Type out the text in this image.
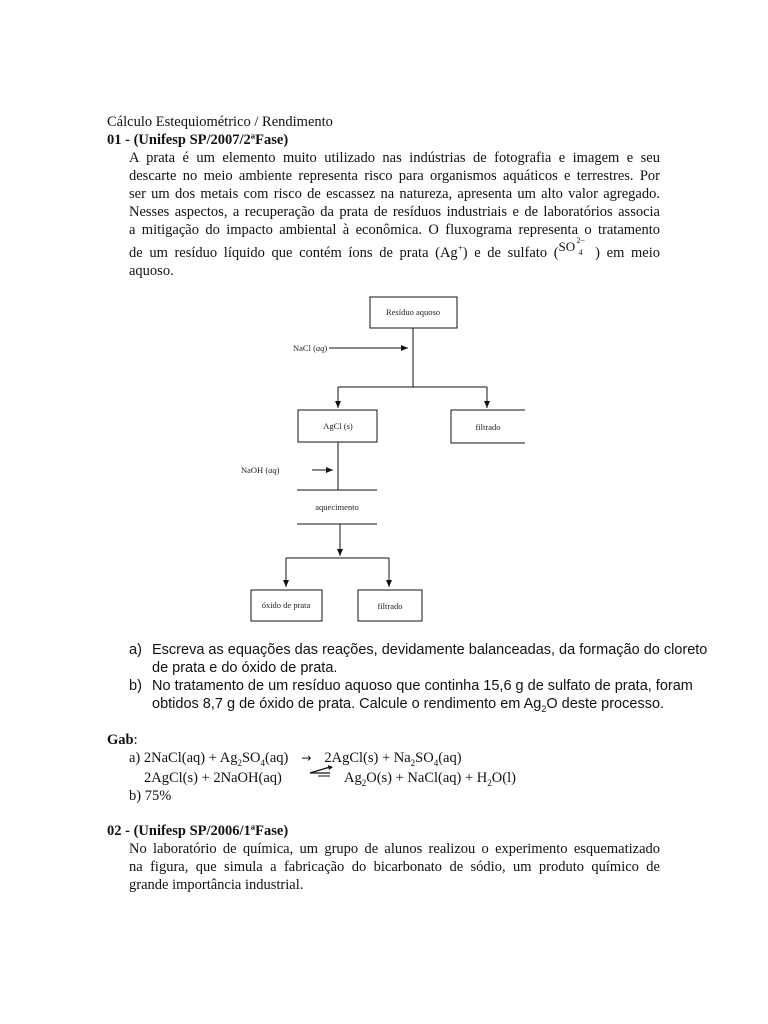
Cálculo Estequiométrico / Rendimento
01 - (Unifesp SP/2007/2ªFase)
A prata é um elemento muito utilizado nas indústrias de fotografia e imagem e seu
descarte no meio ambiente representa risco para organismos aquáticos e terrestres. Por
ser um dos metais com risco de escassez na natureza, apresenta um alto valor agregado.
Nesses aspectos, a recuperação da prata de resíduos industriais e de laboratórios associa
a mitigação do impacto ambiental à econômica. O fluxograma representa o tratamento
de um resíduo líquido que contém íons de prata (Ag+) e de sulfato ( SO 2−
4 ) em meio
aquoso.
Resíduo aquoso
NaCl (aq)
AgCl (s)	filtrado
NaOH (aq)
aquecimento
óxido de prata	filtrado
a) Escreva as equações das reações, devidamente balanceadas, da formação do cloreto
de prata e do óxido de prata.
b) No tratamento de um resíduo aquoso que continha 15,6 g de sulfato de prata, foram
obtidos 8,7 g de óxido de prata. Calcule o rendimento em $Ag_2O$ deste processo.
Gab:
a) 2NaCl(aq) + $Ag_2SO_4(aq)$ → 2AgCl(s) + $Na_2SO_4(aq)$
2AgCl(s) + 2NaOH(aq)	$Ag_2O(s)$ + NaCl(aq) + $H_2O(l)$
b) 75%
02 - (Unifesp SP/2006/1ªFase)
No laboratório de química, um grupo de alunos realizou o experimento esquematizado
na figura, que simula a fabricação do bicarbonato de sódio, um produto químico de
grande importância industrial.
